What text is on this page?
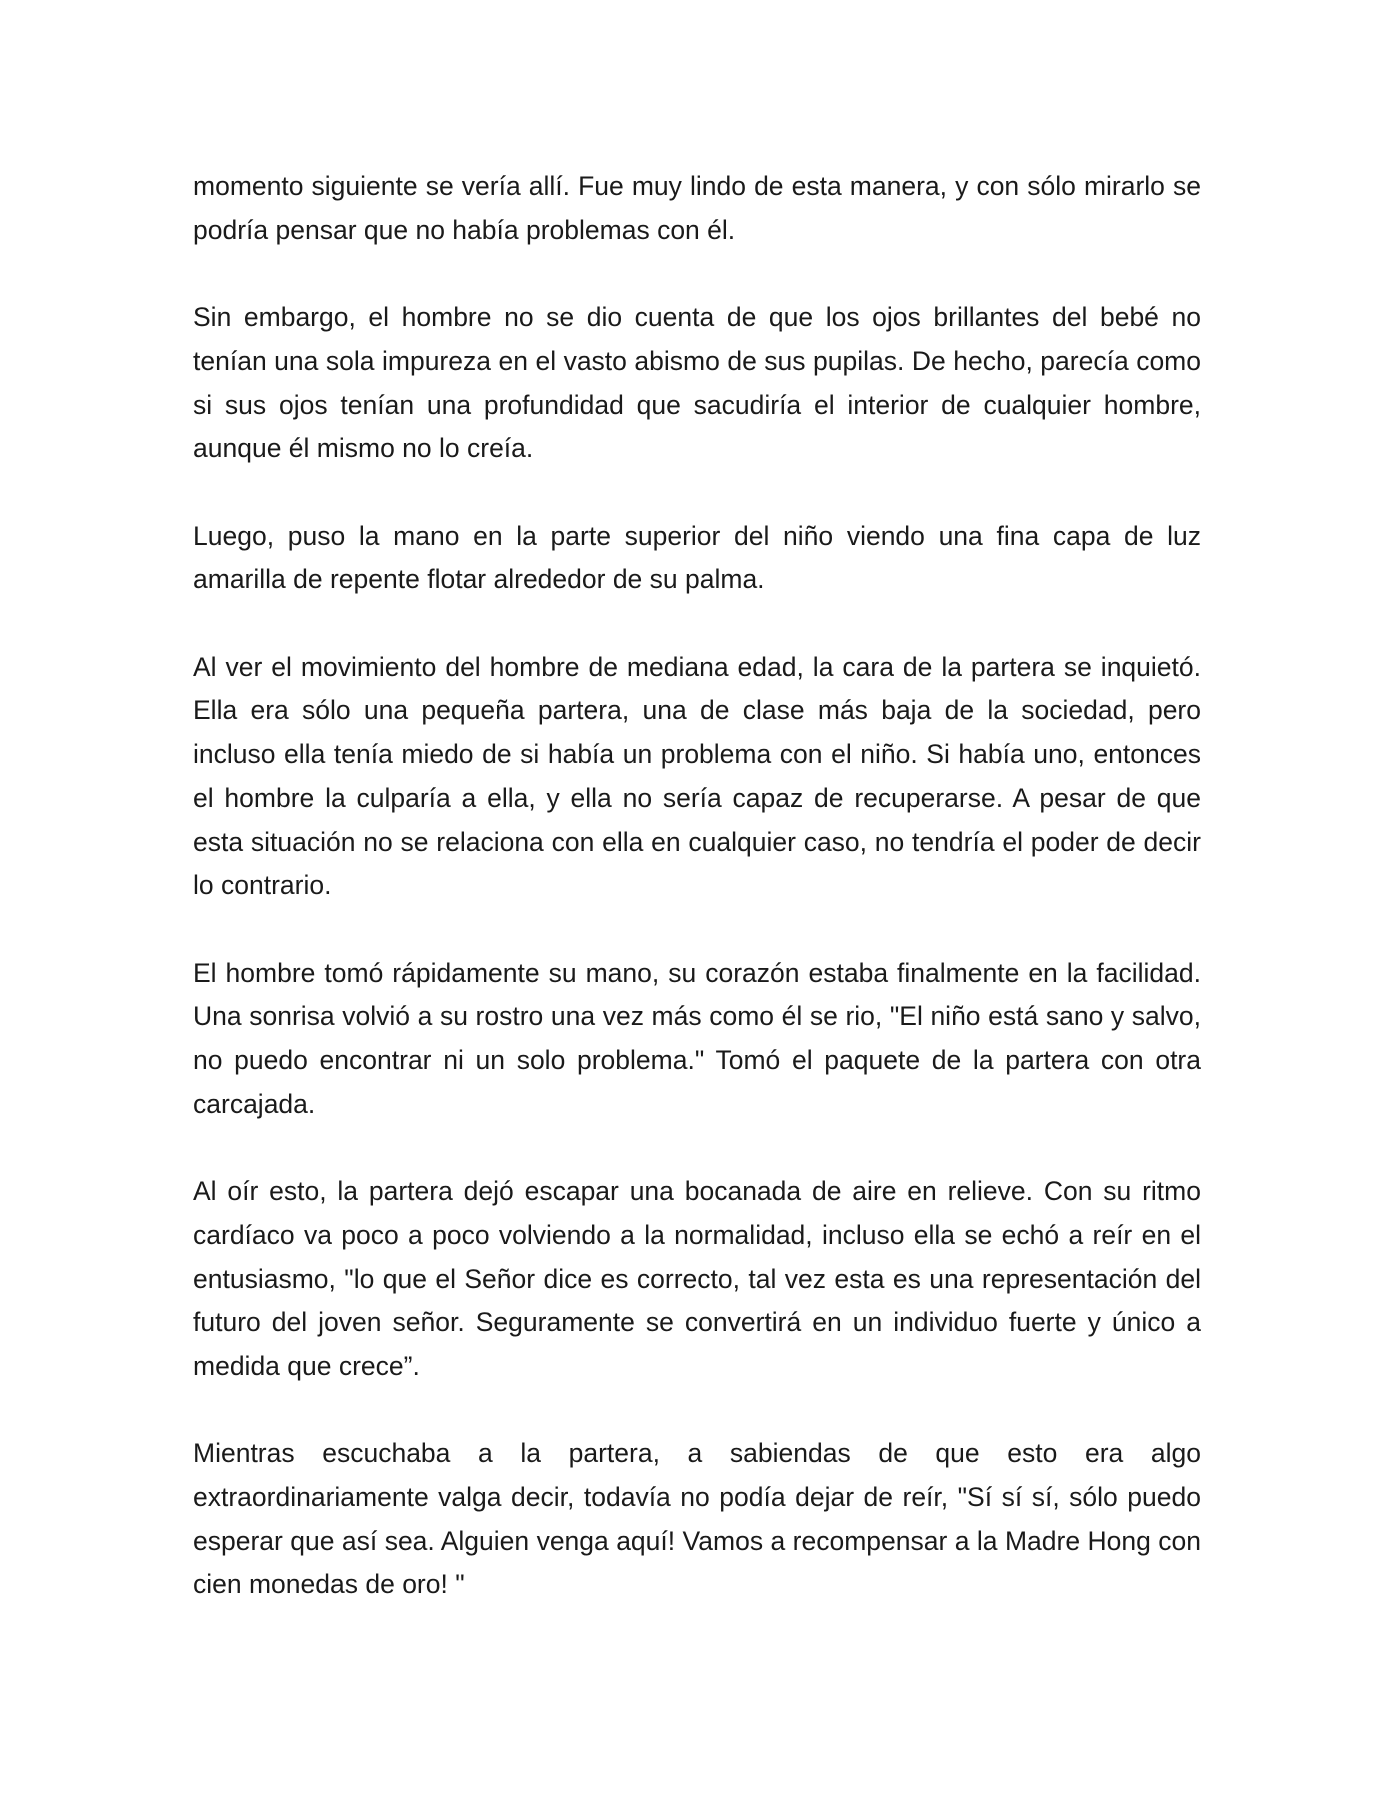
momento siguiente se vería allí. Fue muy lindo de esta manera, y con sólo mirarlo se podría pensar que no había problemas con él.

Sin embargo, el hombre no se dio cuenta de que los ojos brillantes del bebé no tenían una sola impureza en el vasto abismo de sus pupilas. De hecho, parecía como si sus ojos tenían una profundidad que sacudiría el interior de cualquier hombre, aunque él mismo no lo creía.

Luego, puso la mano en la parte superior del niño viendo una fina capa de luz amarilla de repente flotar alrededor de su palma.

Al ver el movimiento del hombre de mediana edad, la cara de la partera se inquietó. Ella era sólo una pequeña partera, una de clase más baja de la sociedad, pero incluso ella tenía miedo de si había un problema con el niño. Si había uno, entonces el hombre la culparía a ella, y ella no sería capaz de recuperarse. A pesar de que esta situación no se relaciona con ella en cualquier caso, no tendría el poder de decir lo contrario.

El hombre tomó rápidamente su mano, su corazón estaba finalmente en la facilidad. Una sonrisa volvió a su rostro una vez más como él se rio, "El niño está sano y salvo, no puedo encontrar ni un solo problema." Tomó el paquete de la partera con otra carcajada.

Al oír esto, la partera dejó escapar una bocanada de aire en relieve. Con su ritmo cardíaco va poco a poco volviendo a la normalidad, incluso ella se echó a reír en el entusiasmo, "lo que el Señor dice es correcto, tal vez esta es una representación del futuro del joven señor. Seguramente se convertirá en un individuo fuerte y único a medida que crece”.

Mientras escuchaba a la partera, a sabiendas de que esto era algo extraordinariamente valga decir, todavía no podía dejar de reír, "Sí sí sí, sólo puedo esperar que así sea. Alguien venga aquí! Vamos a recompensar a la Madre Hong con cien monedas de oro! "
